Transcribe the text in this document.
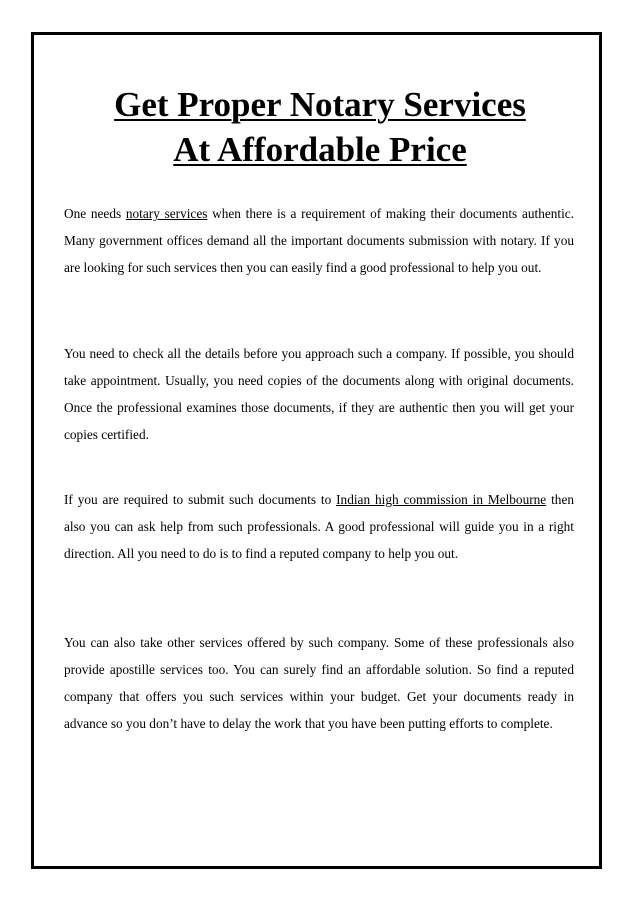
Get Proper Notary Services
At Affordable Price

One needs notary services when there is a requirement of making their documents authentic. Many government offices demand all the important documents submission with notary. If you are looking for such services then you can easily find a good professional to help you out.

You need to check all the details before you approach such a company. If possible, you should take appointment. Usually, you need copies of the documents along with original documents. Once the professional examines those documents, if they are authentic then you will get your copies certified.

If you are required to submit such documents to Indian high commission in Melbourne then also you can ask help from such professionals. A good professional will guide you in a right direction. All you need to do is to find a reputed company to help you out.

You can also take other services offered by such company. Some of these professionals also provide apostille services too. You can surely find an affordable solution. So find a reputed company that offers you such services within your budget. Get your documents ready in advance so you don’t have to delay the work that you have been putting efforts to complete.
